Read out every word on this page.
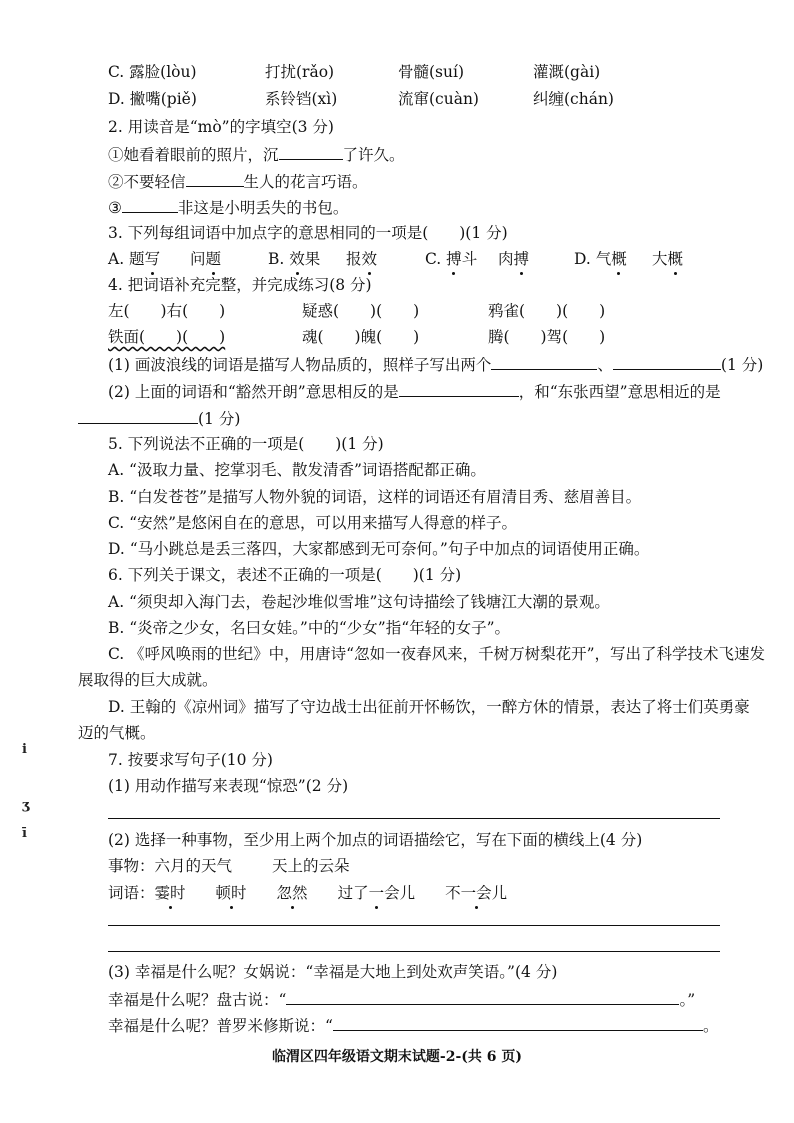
C. 露脸(lòu)	打扰(rǎo)	骨髓(suí)	灌溉(gài)
D. 撇嘴(piě)	系铃铛(xì)	流窜(cuàn)	纠缠(chán)
2. 用读音是“mò”的字填空(3 分)
①她看着眼前的照片，沉	了许久。
②不要轻信	生人的花言巧语。
③	非这是小明丢失的书包。
3. 下列每组词语中加点字的意思相同的一项是(　　)(1 分)
A. 题写 问题	B. 效果 报效	C. 搏斗 肉搏	D. 气概 大概
4. 把词语补充完整，并完成练习(8 分)
左(　　)右(　　)	疑惑(　　)(　　)	鸦雀(　　)(　　)
铁面(　　)(　　)	魂(　　)魄(　　)	腾(　　)驾(　　)
(1) 画波浪线的词语是描写人物品质的，照样子写出两个	、	(1 分)
(2) 上面的词语和“豁然开朗”意思相反的是	，和“东张西望”意思相近的是
(1 分)
5. 下列说法不正确的一项是(　　)(1 分)
A. “汲取力量、挖掌羽毛、散发清香”词语搭配都正确。
B. “白发苍苍”是描写人物外貌的词语，这样的词语还有眉清目秀、慈眉善目。
C. “安然”是悠闲自在的意思，可以用来描写人得意的样子。
D. “马小跳总是丢三落四，大家都感到无可奈何。”句子中加点的词语使用正确。
6. 下列关于课文，表述不正确的一项是(　　)(1 分)
A. “须臾却入海门去，卷起沙堆似雪堆”这句诗描绘了钱塘江大潮的景观。
B. “炎帝之少女，名曰女娃。”中的“少女”指“年轻的女子”。
C. 《呼风唤雨的世纪》中，用唐诗“忽如一夜春风来，千树万树梨花开”，写出了科学技术飞速发
展取得的巨大成就。
D. 王翰的《凉州词》描写了守边战士出征前开怀畅饮，一醉方休的情景，表达了将士们英勇豪
迈的气概。
7. 按要求写句子(10 分)
(1) 用动作描写来表现“惊恐”(2 分)
(2) 选择一种事物，至少用上两个加点的词语描绘它，写在下面的横线上(4 分)
事物：六月的天气	天上的云朵
词语：霎时 顿时 忽然 过了一会儿 不一会儿
(3) 幸福是什么呢？女娲说：“幸福是大地上到处欢声笑语。”(4 分)
幸福是什么呢？盘古说：“	。”
幸福是什么呢？普罗米修斯说：“	。
i
ʒ
ī
临渭区四年级语文期末试题-2-(共 6 页)
